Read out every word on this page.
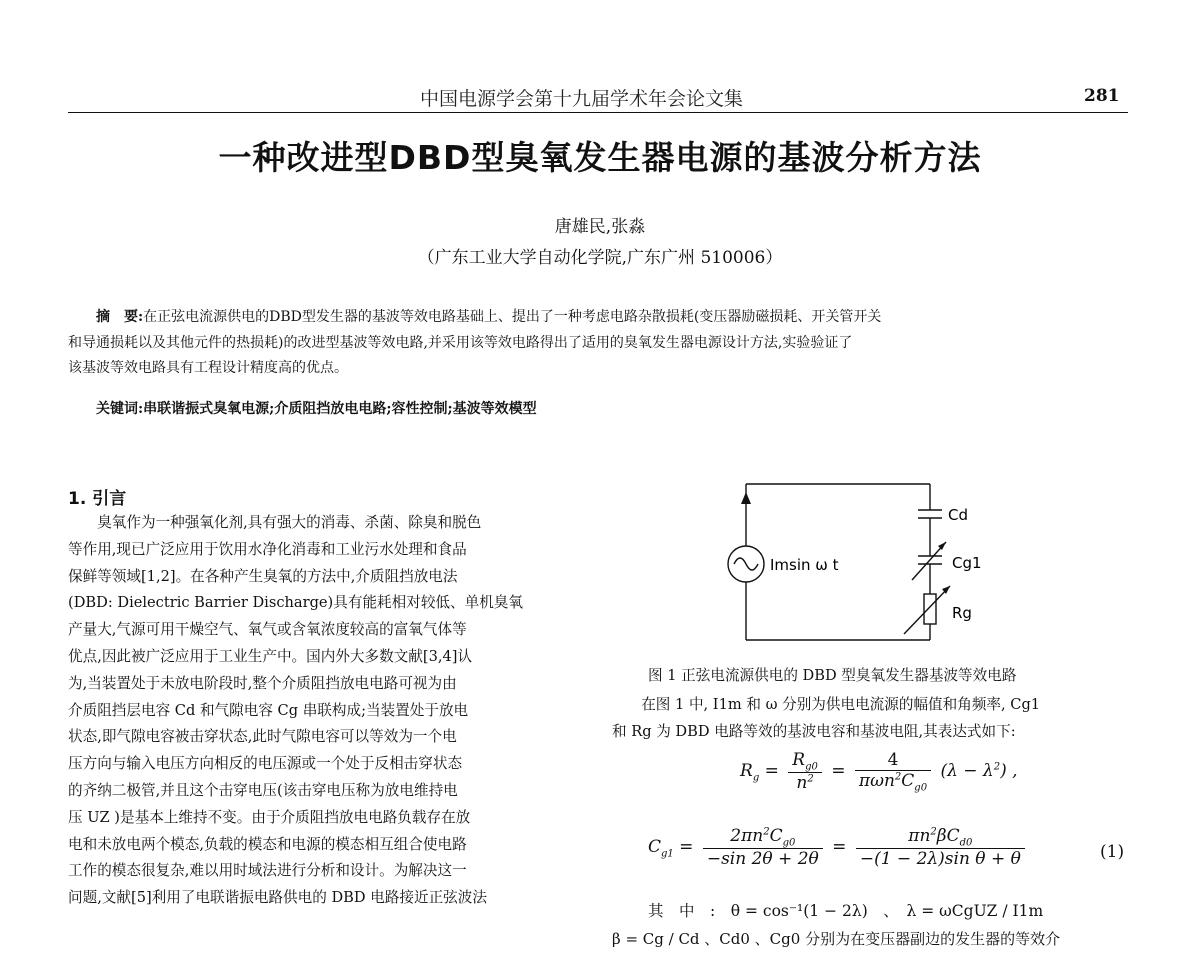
中国电源学会第十九届学术年会论文集	281
一种改进型DBD型臭氧发生器电源的基波分析方法
唐雄民,张淼
（广东工业大学自动化学院,广东广州 510006）
摘　要:在正弦电流源供电的DBD型发生器的基波等效电路基础上、提出了一种考虑电路杂散损耗(变压器励磁损耗、开关管开关
和导通损耗以及其他元件的热损耗)的改进型基波等效电路,并采用该等效电路得出了适用的臭氧发生器电源设计方法,实验验证了
该基波等效电路具有工程设计精度高的优点。
关键词:串联谐振式臭氧电源;介质阻挡放电电路;容性控制;基波等效模型
1. 引言
　　臭氧作为一种强氧化剂,具有强大的消毒、杀菌、除臭和脱色
等作用,现已广泛应用于饮用水净化消毒和工业污水处理和食品
保鲜等领域[1,2]。在各种产生臭氧的方法中,介质阻挡放电法
(DBD: Dielectric Barrier Discharge)具有能耗相对较低、单机臭氧
产量大,气源可用干燥空气、氧气或含氧浓度较高的富氧气体等
优点,因此被广泛应用于工业生产中。国内外大多数文献[3,4]认
为,当装置处于未放电阶段时,整个介质阻挡放电电路可视为由
介质阻挡层电容 Cd 和气隙电容 Cg 串联构成;当装置处于放电
状态,即气隙电容被击穿状态,此时气隙电容可以等效为一个电
压方向与输入电压方向相反的电压源或一个处于反相击穿状态
的齐纳二极管,并且这个击穿电压(该击穿电压称为放电维持电
压 UZ )是基本上维持不变。由于介质阻挡放电电路负载存在放
电和未放电两个模态,负载的模态和电源的模态相互组合使电路
工作的模态很复杂,难以用时域法进行分析和设计。为解决这一
问题,文献[5]利用了电联谐振电路供电的 DBD 电路接近正弦波法
Imsin ω t
Cd
Cg1
Rg
图 1 正弦电流源供电的 DBD 型臭氧发生器基波等效电路
　　在图 1 中, I1m 和 ω 分别为供电电流源的幅值和角频率, Cg1
和 Rg 为 DBD 电路等效的基波电容和基波电阻,其表达式如下:
$R_g = \frac{R_{g0}}{n^2} = \frac{4}{\pi\omega n^2C_{g0}} (\lambda - \lambda^2)$ ,
$C_{g1} = \frac{2\pi n^2C_{g0}}{-\sin 2\theta + 2\theta} = \frac{\pi n^2\beta C_{d0}}{\text{−(1 − 2λ)sin θ + θ}}$	(1)
其　中　:　θ = cos⁻¹(1 − 2λ)　、　λ = ωCgUZ / I1m
β = Cg / Cd 、Cd0 、Cg0 分别为在变压器副边的发生器的等效介
